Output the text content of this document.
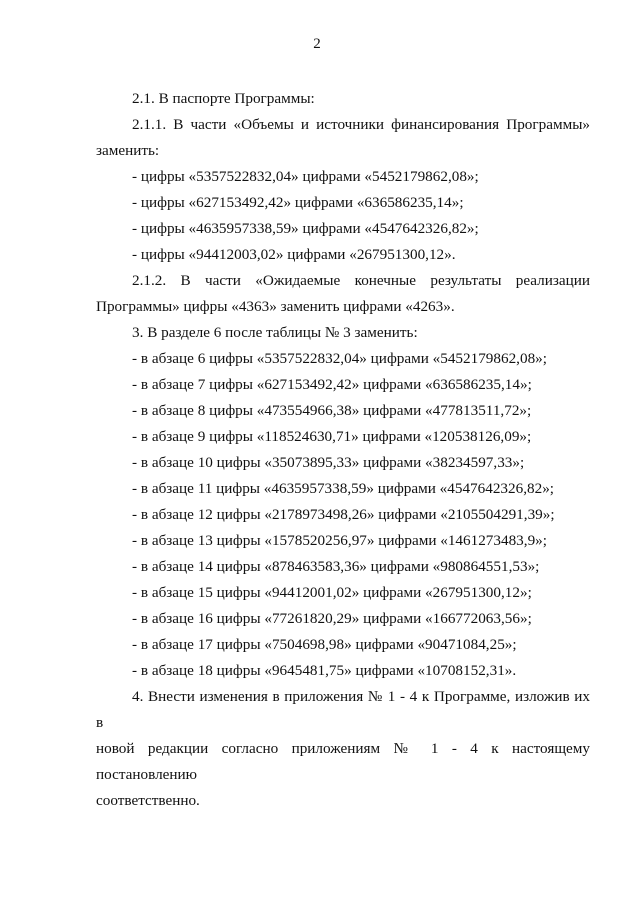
2

2.1. В паспорте Программы:

2.1.1. В части «Объемы и источники финансирования Программы»

заменить:

- цифры «5357522832,04» цифрами «5452179862,08»;

- цифры «627153492,42» цифрами «636586235,14»;

- цифры «4635957338,59» цифрами «4547642326,82»;

- цифры «94412003,02» цифрами «267951300,12».

2.1.2. В части «Ожидаемые конечные результаты реализации

Программы» цифры «4363» заменить цифрами «4263».

3. В разделе 6 после таблицы № 3 заменить:

- в абзаце 6 цифры «5357522832,04» цифрами «5452179862,08»;

- в абзаце 7 цифры «627153492,42» цифрами «636586235,14»;

- в абзаце 8 цифры «473554966,38» цифрами «477813511,72»;

- в абзаце 9 цифры «118524630,71» цифрами «120538126,09»;

- в абзаце 10 цифры «35073895,33» цифрами «38234597,33»;

- в абзаце 11 цифры «4635957338,59» цифрами «4547642326,82»;

- в абзаце 12 цифры «2178973498,26» цифрами «2105504291,39»;

- в абзаце 13 цифры «1578520256,97» цифрами «1461273483,9»;

- в абзаце 14 цифры «878463583,36» цифрами «980864551,53»;

- в абзаце 15 цифры «94412001,02» цифрами «267951300,12»;

- в абзаце 16 цифры «77261820,29» цифрами «166772063,56»;

- в абзаце 17 цифры «7504698,98» цифрами «90471084,25»;

- в абзаце 18 цифры «9645481,75» цифрами «10708152,31».

4. Внести изменения в приложения № 1 - 4 к Программе, изложив их в

новой редакции согласно приложениям № 1 - 4 к настоящему постановлению

соответственно.
